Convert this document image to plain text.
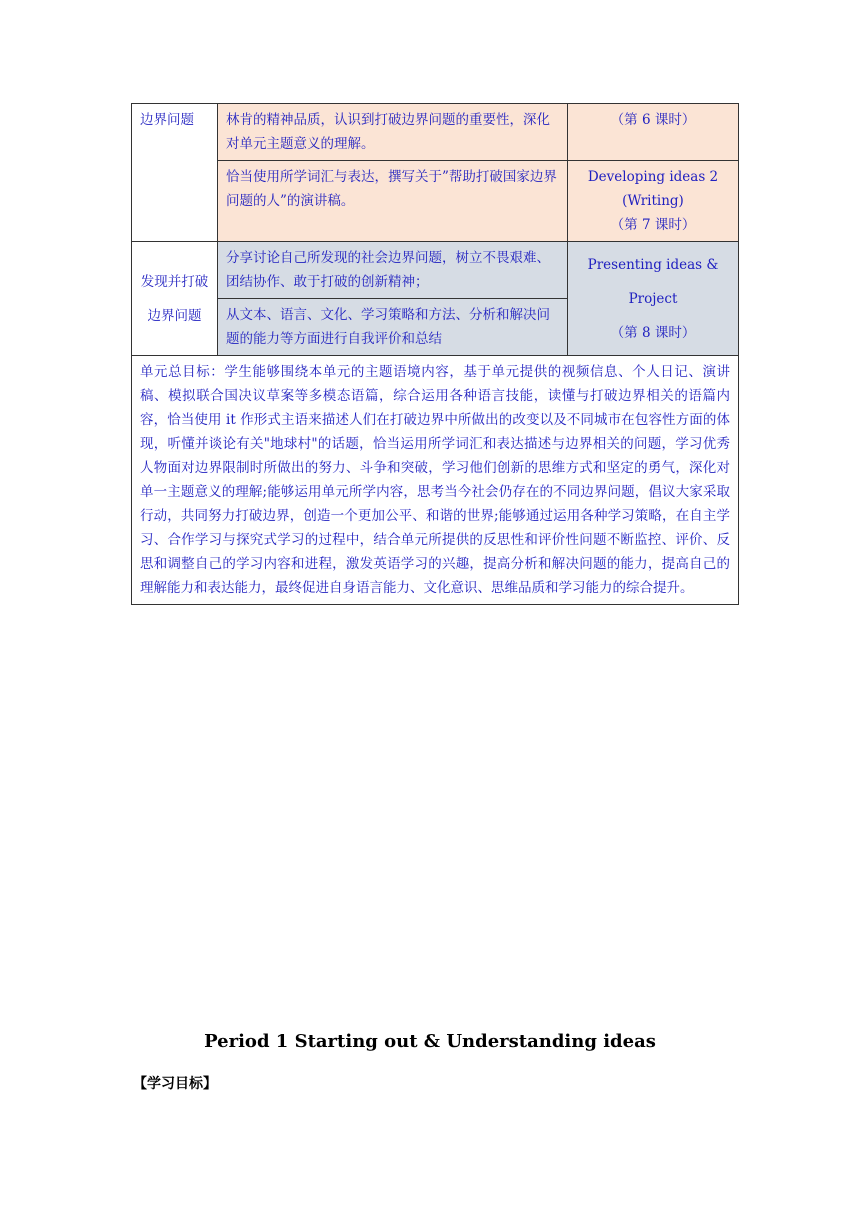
边界问题	林肯的精神品质，认识到打破边界问题的重要性，深化对单元主题意义的理解。	（第 6 课时）
	恰当使用所学词汇与表达，撰写关于”帮助打破国家边界问题的人”的演讲稿。	Developing ideas 2
(Writing)
（第 7 课时）

发现并打破边界问题	分享讨论自己所发现的社会边界问题，树立不畏艰难、团结协作、敢于打破的创新精神；	Presenting ideas &
Project
（第 8 课时）

	从文本、语言、文化、学习策略和方法、分析和解决问题的能力等方面进行自我评价和总结	
单元总目标：学生能够围绕本单元的主题语境内容，基于单元提供的视频信息、个人日记、演讲稿、模拟联合国决议草案等多模态语篇，综合运用各种语言技能，读懂与打破边界相关的语篇内容，恰当使用 it 作形式主语来描述人们在打破边界中所做出的改变以及不同城市在包容性方面的体现，听懂并谈论有关"地球村"的话题，恰当运用所学词汇和表达描述与边界相关的问题，学习优秀人物面对边界限制时所做出的努力、斗争和突破，学习他们创新的思维方式和坚定的勇气，深化对单一主题意义的理解;能够运用单元所学内容，思考当今社会仍存在的不同边界问题，倡议大家采取行动，共同努力打破边界，创造一个更加公平、和谐的世界;能够通过运用各种学习策略，在自主学习、合作学习与探究式学习的过程中，结合单元所提供的反思性和评价性问题不断监控、评价、反思和调整自己的学习内容和进程，激发英语学习的兴趣，提高分析和解决问题的能力，提高自己的理解能力和表达能力，最终促进自身语言能力、文化意识、思维品质和学习能力的综合提升。		
Period 1 Starting out & Understanding ideas
【学习目标】
